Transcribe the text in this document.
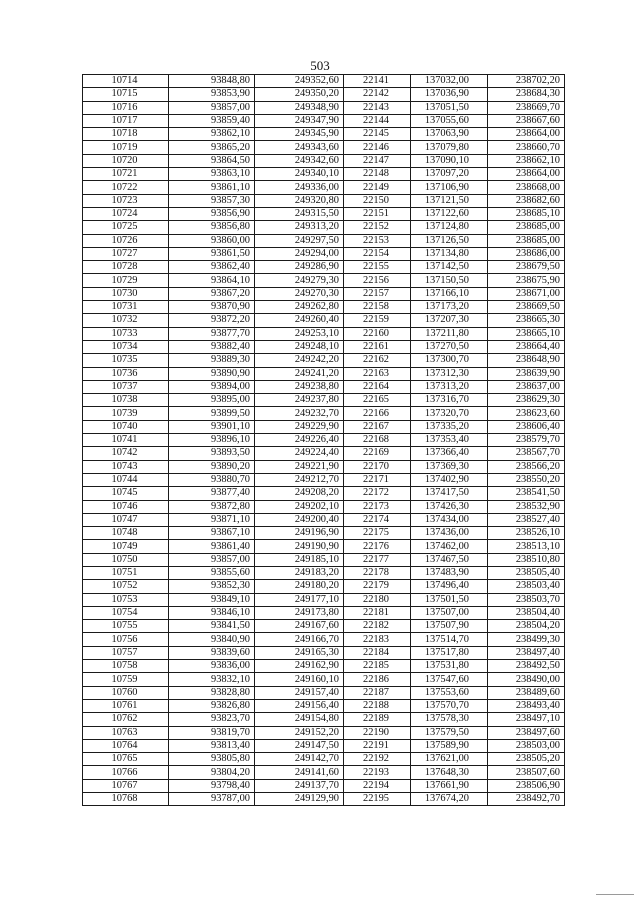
503
10714	93848,80	249352,60	22141	137032,00	238702,20
10715	93853,90	249350,20	22142	137036,90	238684,30
10716	93857,00	249348,90	22143	137051,50	238669,70
10717	93859,40	249347,90	22144	137055,60	238667,60
10718	93862,10	249345,90	22145	137063,90	238664,00
10719	93865,20	249343,60	22146	137079,80	238660,70
10720	93864,50	249342,60	22147	137090,10	238662,10
10721	93863,10	249340,10	22148	137097,20	238664,00
10722	93861,10	249336,00	22149	137106,90	238668,00
10723	93857,30	249320,80	22150	137121,50	238682,60
10724	93856,90	249315,50	22151	137122,60	238685,10
10725	93856,80	249313,20	22152	137124,80	238685,00
10726	93860,00	249297,50	22153	137126,50	238685,00
10727	93861,50	249294,00	22154	137134,80	238686,00
10728	93862,40	249286,90	22155	137142,50	238679,50
10729	93864,10	249279,30	22156	137150,50	238675,90
10730	93867,20	249270,30	22157	137166,10	238671,00
10731	93870,90	249262,80	22158	137173,20	238669,50
10732	93872,20	249260,40	22159	137207,30	238665,30
10733	93877,70	249253,10	22160	137211,80	238665,10
10734	93882,40	249248,10	22161	137270,50	238664,40
10735	93889,30	249242,20	22162	137300,70	238648,90
10736	93890,90	249241,20	22163	137312,30	238639,90
10737	93894,00	249238,80	22164	137313,20	238637,00
10738	93895,00	249237,80	22165	137316,70	238629,30
10739	93899,50	249232,70	22166	137320,70	238623,60
10740	93901,10	249229,90	22167	137335,20	238606,40
10741	93896,10	249226,40	22168	137353,40	238579,70
10742	93893,50	249224,40	22169	137366,40	238567,70
10743	93890,20	249221,90	22170	137369,30	238566,20
10744	93880,70	249212,70	22171	137402,90	238550,20
10745	93877,40	249208,20	22172	137417,50	238541,50
10746	93872,80	249202,10	22173	137426,30	238532,90
10747	93871,10	249200,40	22174	137434,00	238527,40
10748	93867,10	249196,90	22175	137436,00	238526,10
10749	93861,40	249190,90	22176	137462,00	238513,10
10750	93857,00	249185,10	22177	137467,50	238510,80
10751	93855,60	249183,20	22178	137483,90	238505,40
10752	93852,30	249180,20	22179	137496,40	238503,40
10753	93849,10	249177,10	22180	137501,50	238503,70
10754	93846,10	249173,80	22181	137507,00	238504,40
10755	93841,50	249167,60	22182	137507,90	238504,20
10756	93840,90	249166,70	22183	137514,70	238499,30
10757	93839,60	249165,30	22184	137517,80	238497,40
10758	93836,00	249162,90	22185	137531,80	238492,50
10759	93832,10	249160,10	22186	137547,60	238490,00
10760	93828,80	249157,40	22187	137553,60	238489,60
10761	93826,80	249156,40	22188	137570,70	238493,40
10762	93823,70	249154,80	22189	137578,30	238497,10
10763	93819,70	249152,20	22190	137579,50	238497,60
10764	93813,40	249147,50	22191	137589,90	238503,00
10765	93805,80	249142,70	22192	137621,00	238505,20
10766	93804,20	249141,60	22193	137648,30	238507,60
10767	93798,40	249137,70	22194	137661,90	238506,90
10768	93787,00	249129,90	22195	137674,20	238492,70
